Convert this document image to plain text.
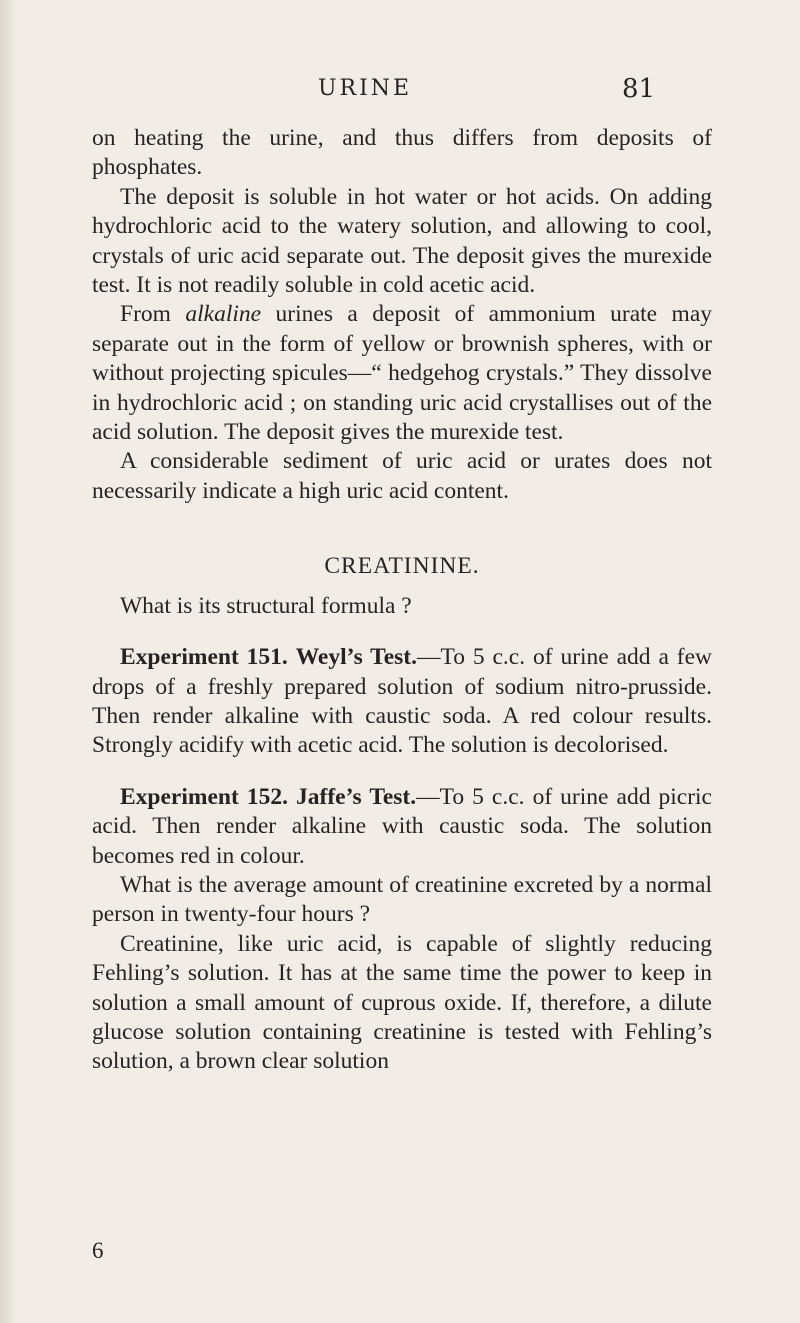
URINE	81

on heating the urine, and thus differs from deposits of phosphates.

The deposit is soluble in hot water or hot acids. On adding hydrochloric acid to the watery solution, and allowing to cool, crystals of uric acid separate out. The deposit gives the murexide test. It is not readily soluble in cold acetic acid.

From alkaline urines a deposit of ammonium urate may separate out in the form of yellow or brownish spheres, with or without projecting spicules—“ hedgehog crystals.” They dissolve in hydrochloric acid ; on standing uric acid crystallises out of the acid solution. The deposit gives the murexide test.

A considerable sediment of uric acid or urates does not necessarily indicate a high uric acid content.

CREATININE.

What is its structural formula ?

Experiment 151. Weyl’s Test.—To 5 c.c. of urine add a few drops of a freshly prepared solution of sodium nitro-prusside. Then render alkaline with caustic soda. A red colour results. Strongly acidify with acetic acid. The solution is decolorised.

Experiment 152. Jaffe’s Test.—To 5 c.c. of urine add picric acid. Then render alkaline with caustic soda. The solution becomes red in colour.

What is the average amount of creatinine excreted by a normal person in twenty-four hours ?

Creatinine, like uric acid, is capable of slightly reducing Fehling’s solution. It has at the same time the power to keep in solution a small amount of cuprous oxide. If, therefore, a dilute glucose solution containing creatinine is tested with Fehling’s solution, a brown clear solution

6
